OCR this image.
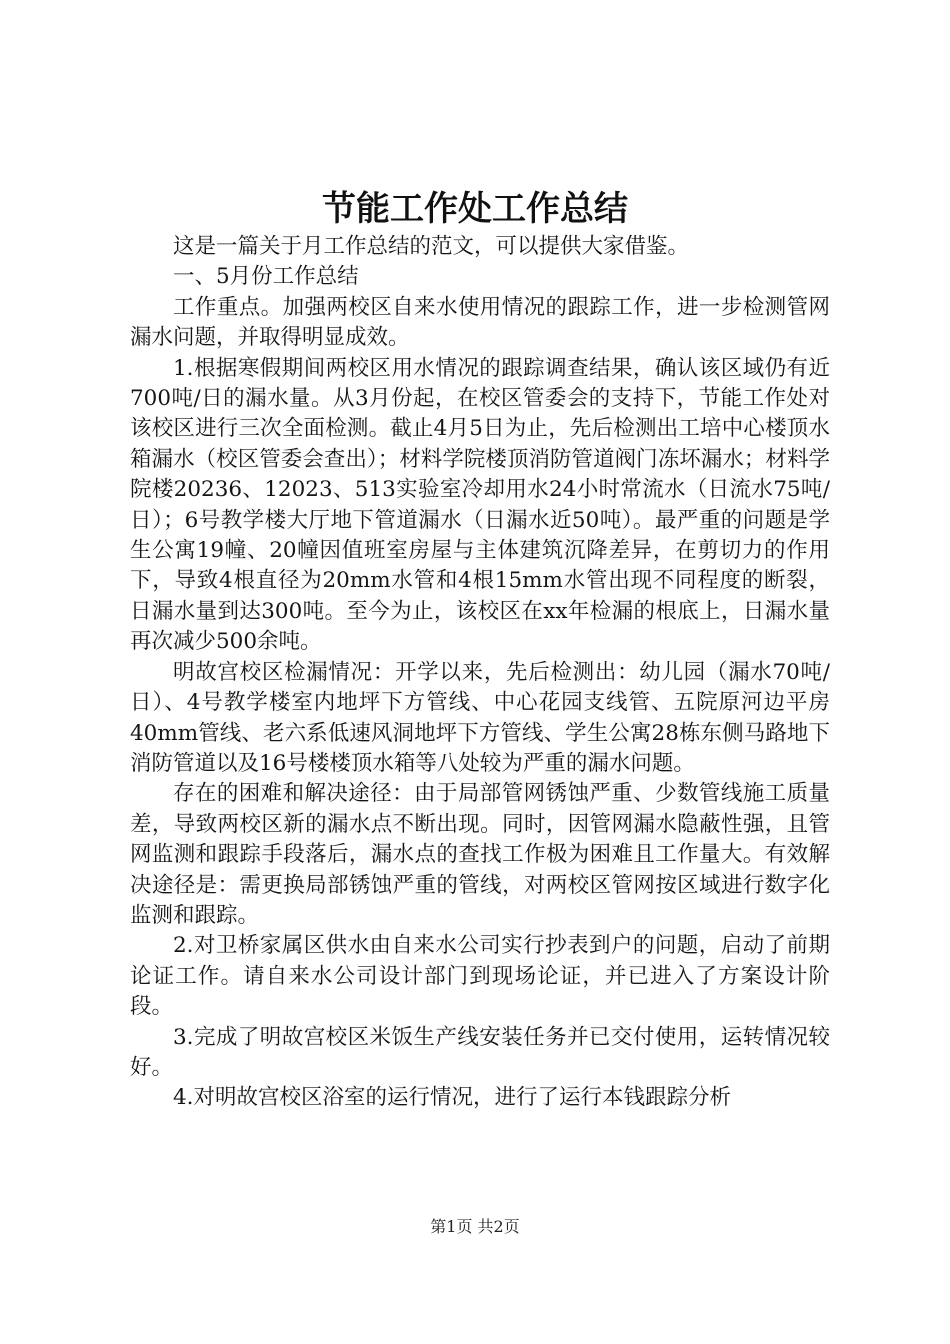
节能工作处工作总结

这是一篇关于月工作总结的范文，可以提供大家借鉴。

一、5月份工作总结

工作重点。加强两校区自来水使用情况的跟踪工作，进一步检测管网漏水问题，并取得明显成效。

1.根据寒假期间两校区用水情况的跟踪调查结果，确认该区域仍有近700吨/日的漏水量。从3月份起，在校区管委会的支持下，节能工作处对该校区进行三次全面检测。截止4月5日为止，先后检测出工培中心楼顶水箱漏水（校区管委会查出）；材料学院楼顶消防管道阀门冻坏漏水；材料学院楼20236、12023、513实验室冷却用水24小时常流水（日流水75吨/日）；6号教学楼大厅地下管道漏水（日漏水近50吨）。最严重的问题是学生公寓19幢、20幢因值班室房屋与主体建筑沉降差异，在剪切力的作用下，导致4根直径为20mm水管和4根15mm水管出现不同程度的断裂，日漏水量到达300吨。至今为止，该校区在xx年检漏的根底上，日漏水量再次减少500余吨。

明故宫校区检漏情况：开学以来，先后检测出：幼儿园（漏水70吨/日）、4号教学楼室内地坪下方管线、中心花园支线管、五院原河边平房40mm管线、老六系低速风洞地坪下方管线、学生公寓28栋东侧马路地下消防管道以及16号楼楼顶水箱等八处较为严重的漏水问题。

存在的困难和解决途径：由于局部管网锈蚀严重、少数管线施工质量差，导致两校区新的漏水点不断出现。同时，因管网漏水隐蔽性强，且管网监测和跟踪手段落后，漏水点的查找工作极为困难且工作量大。有效解决途径是：需更换局部锈蚀严重的管线，对两校区管网按区域进行数字化监测和跟踪。

2.对卫桥家属区供水由自来水公司实行抄表到户的问题，启动了前期论证工作。请自来水公司设计部门到现场论证，并已进入了方案设计阶段。

3.完成了明故宫校区米饭生产线安装任务并已交付使用，运转情况较好。

4.对明故宫校区浴室的运行情况，进行了运行本钱跟踪分析

第1页 共2页
